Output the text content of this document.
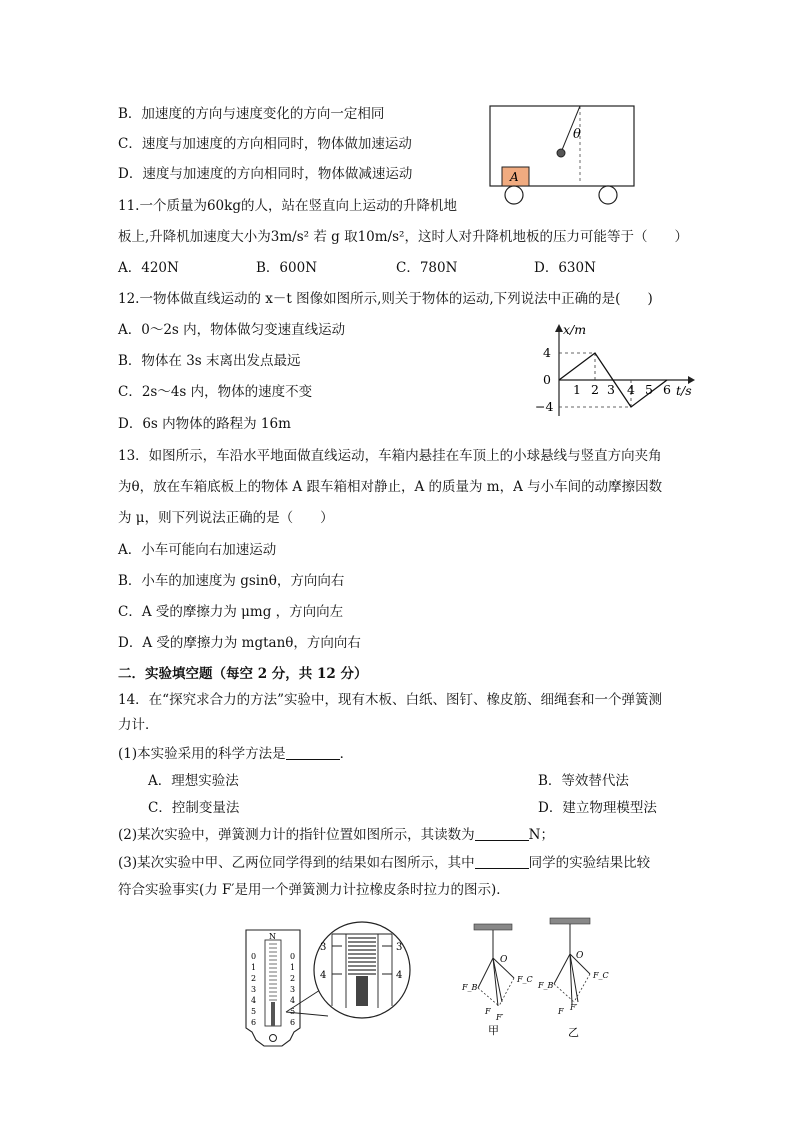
B．加速度的方向与速度变化的方向一定相同
C．速度与加速度的方向相同时，物体做加速运动
D．速度与加速度的方向相同时，物体做减速运动
θ
A
11.一个质量为60kg的人，站在竖直向上运动的升降机地
板上,升降机加速度大小为3m/s² 若 g 取10m/s²，这时人对升降机地板的压力可能等于（　　）
A．420N	B．600N	C．780N	D．630N
12.一物体做直线运动的 x－t 图像如图所示,则关于物体的运动,下列说法中正确的是(　　)
A．0～2s 内，物体做匀变速直线运动
B．物体在 3s 末离出发点最远
C．2s～4s 内，物体的速度不变
D．6s 内物体的路程为 16m
x/m
t/s
4
0
−4
1 2 3 4 5 6
13．如图所示，车沿水平地面做直线运动，车箱内悬挂在车顶上的小球悬线与竖直方向夹角
为θ，放在车箱底板上的物体 A 跟车箱相对静止，A 的质量为 m，A 与小车间的动摩擦因数
为 μ，则下列说法正确的是（　　）
A．小车可能向右加速运动
B．小车的加速度为 gsinθ，方向向右
C．A 受的摩擦力为 μmg ，方向向左
D．A 受的摩擦力为 mgtanθ，方向向右
二．实验填空题（每空 2 分，共 12 分）
14．在“探究求合力的方法”实验中，现有木板、白纸、图钉、橡皮筋、细绳套和一个弹簧测
力计．
(1)本实验采用的科学方法是	．
A．理想实验法	B．等效替代法
C．控制变量法	D．建立物理模型法
(2)某次实验中，弹簧测力计的指针位置如图所示，其读数为	N；
(3)某次实验中甲、乙两位同学得到的结果如右图所示，其中	同学的实验结果比较
符合实验事实(力 F′是用一个弹簧测力计拉橡皮条时拉力的图示)．
N
0
1
2
3
4
5
6
0
1
2
3
4
5
6
3	3
4	4
O
F_B
F_C
F
F′
甲
O
F_B
F_C
F F′
乙
